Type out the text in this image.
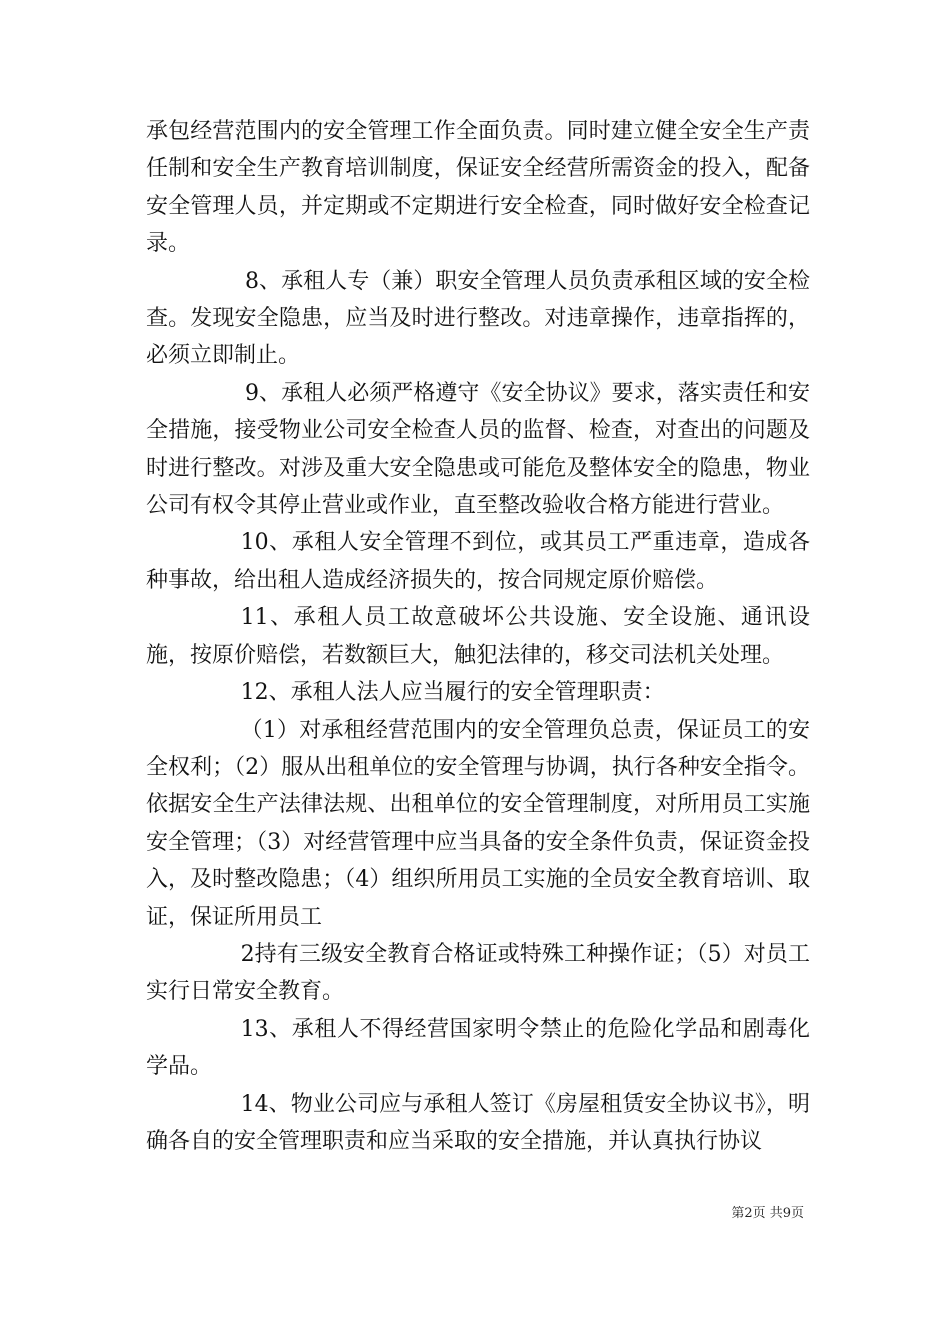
承包经营范围内的安全管理工作全面负责。同时建立健全安全生产责任制和安全生产教育培训制度，保证安全经营所需资金的投入，配备安全管理人员，并定期或不定期进行安全检查，同时做好安全检查记录。

8、承租人专（兼）职安全管理人员负责承租区域的安全检查。发现安全隐患，应当及时进行整改。对违章操作，违章指挥的，必须立即制止。

9、承租人必须严格遵守《安全协议》要求，落实责任和安全措施，接受物业公司安全检查人员的监督、检查，对查出的问题及时进行整改。对涉及重大安全隐患或可能危及整体安全的隐患，物业公司有权令其停止营业或作业，直至整改验收合格方能进行营业。

10、承租人安全管理不到位，或其员工严重违章，造成各种事故，给出租人造成经济损失的，按合同规定原价赔偿。

11、承租人员工故意破坏公共设施、安全设施、通讯设施，按原价赔偿，若数额巨大，触犯法律的，移交司法机关处理。

12、承租人法人应当履行的安全管理职责：

（1）对承租经营范围内的安全管理负总责，保证员工的安全权利；（2）服从出租单位的安全管理与协调，执行各种安全指令。依据安全生产法律法规、出租单位的安全管理制度，对所用员工实施安全管理；（3）对经营管理中应当具备的安全条件负责，保证资金投入，及时整改隐患；（4）组织所用员工实施的全员安全教育培训、取证，保证所用员工

2持有三级安全教育合格证或特殊工种操作证；（5）对员工实行日常安全教育。

13、承租人不得经营国家明令禁止的危险化学品和剧毒化学品。

14、物业公司应与承租人签订《房屋租赁安全协议书》，明确各自的安全管理职责和应当采取的安全措施，并认真执行协议

第2页 共9页
